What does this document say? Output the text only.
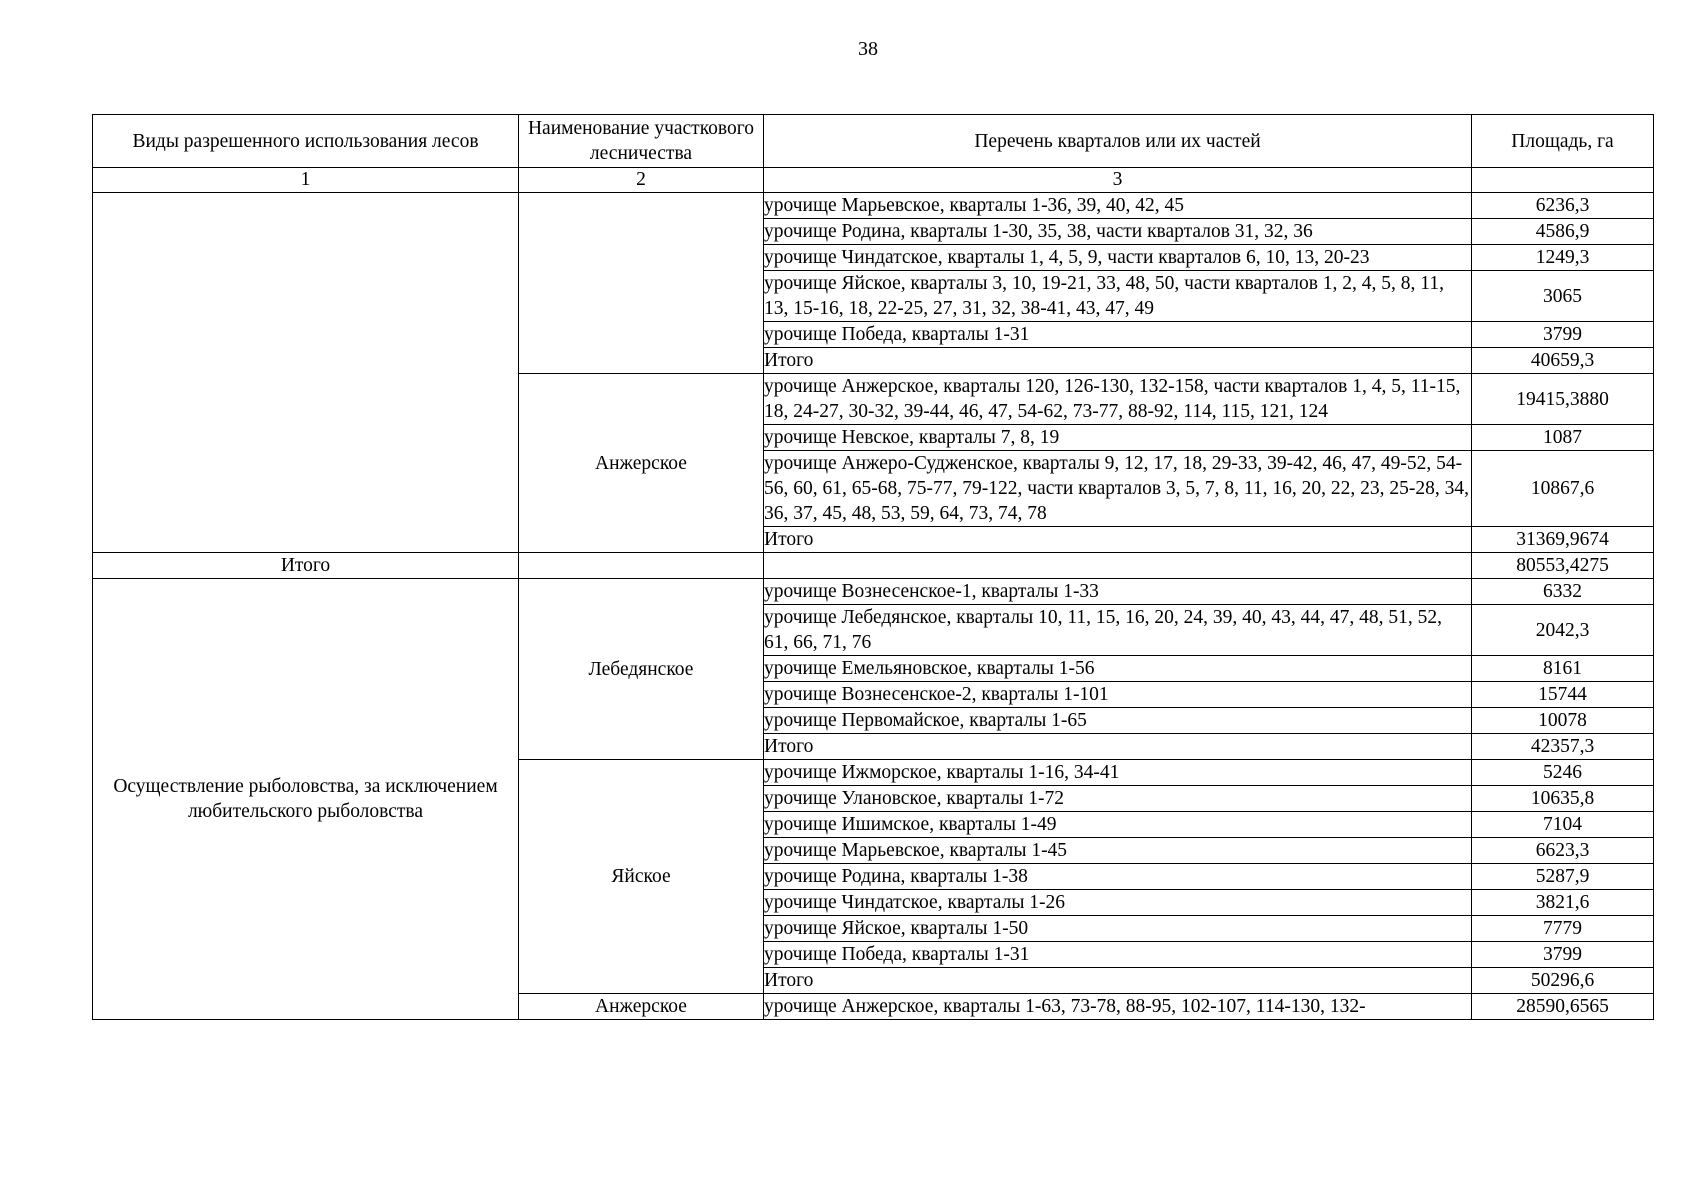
38
Виды разрешенного использования лесов	Наименование участкового лесничества	Перечень кварталов или их частей	Площадь, га
1	2	3	
		урочище Марьевское, кварталы 1-36, 39, 40, 42, 45	6236,3
		урочище Родина, кварталы 1-30, 35, 38, части кварталов 31, 32, 36	4586,9
		урочище Чиндатское, кварталы 1, 4, 5, 9, части кварталов 6, 10, 13, 20-23	1249,3
		урочище Яйское, кварталы 3, 10, 19-21, 33, 48, 50, части кварталов 1, 2, 4, 5, 8, 11, 13, 15-16, 18, 22-25, 27, 31, 32, 38-41, 43, 47, 49	3065
		урочище Победа, кварталы 1-31	3799
		Итого	40659,3
	Анжерское	урочище Анжерское, кварталы 120, 126-130, 132-158, части кварталов 1, 4, 5, 11-15, 18, 24-27, 30-32, 39-44, 46, 47, 54-62, 73-77, 88-92, 114, 115, 121, 124	19415,3880
		урочище Невское, кварталы 7, 8, 19	1087
		урочище Анжеро-Судженское, кварталы 9, 12, 17, 18, 29-33, 39-42, 46, 47, 49-52, 54-56, 60, 61, 65-68, 75-77, 79-122, части кварталов 3, 5, 7, 8, 11, 16, 20, 22, 23, 25-28, 34, 36, 37, 45, 48, 53, 59, 64, 73, 74, 78	10867,6
		Итого	31369,9674
Итого			80553,4275
Осуществление рыболовства, за исключением любительского рыболовства	Лебедянское	урочище Вознесенское-1, кварталы 1-33	6332
		урочище Лебедянское, кварталы 10, 11, 15, 16, 20, 24, 39, 40, 43, 44, 47, 48, 51, 52, 61, 66, 71, 76	2042,3
		урочище Емельяновское, кварталы 1-56	8161
		урочище Вознесенское-2, кварталы 1-101	15744
		урочище Первомайское, кварталы 1-65	10078
		Итого	42357,3
	Яйское	урочище Ижморское, кварталы 1-16, 34-41	5246
		урочище Улановское, кварталы 1-72	10635,8
		урочище Ишимское, кварталы 1-49	7104
		урочище Марьевское, кварталы 1-45	6623,3
		урочище Родина, кварталы 1-38	5287,9
		урочище Чиндатское, кварталы 1-26	3821,6
		урочище Яйское, кварталы 1-50	7779
		урочище Победа, кварталы 1-31	3799
		Итого	50296,6
	Анжерское	урочище Анжерское, кварталы 1-63, 73-78, 88-95, 102-107, 114-130, 132-	28590,6565
